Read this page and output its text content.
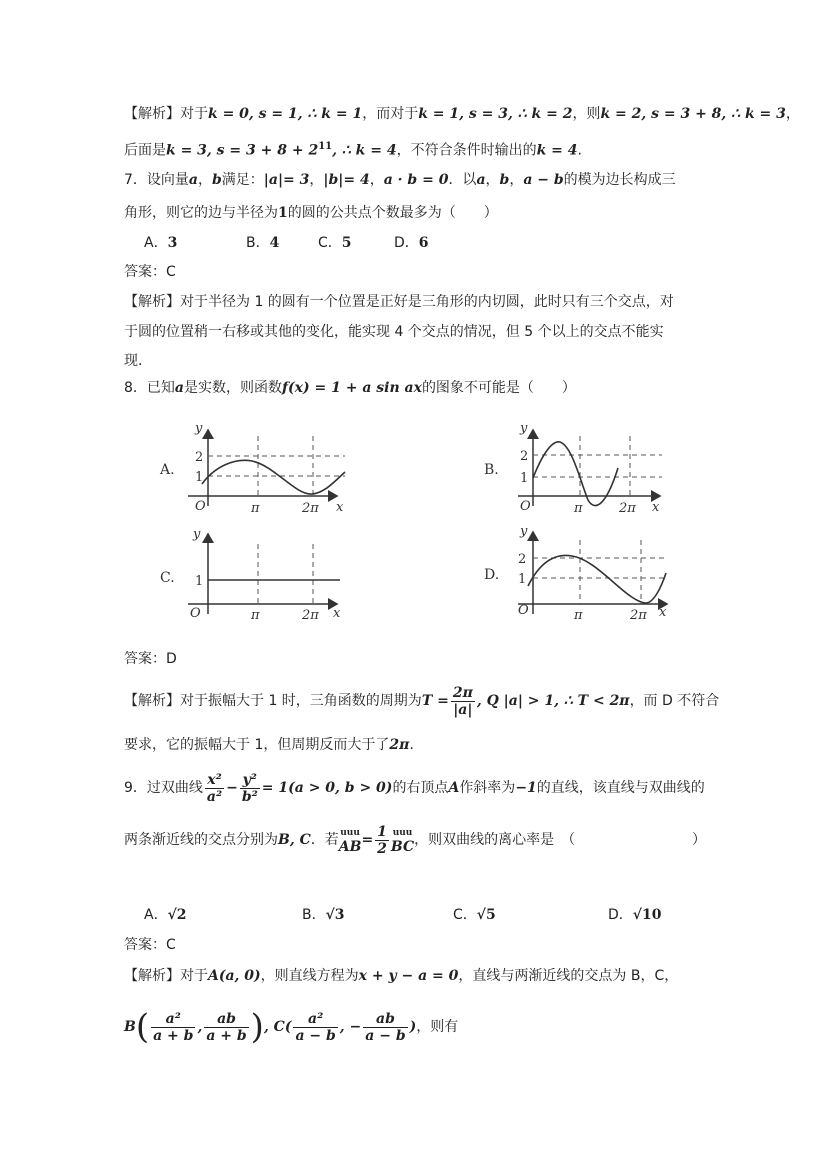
【解析】对于k = 0, s = 1, ∴ k = 1，而对于k = 1, s = 3, ∴ k = 2，则k = 2, s = 3 + 8, ∴ k = 3，
后面是k = 3, $s = 3 + 8 + 2^{11}$, ∴ k = 4，不符合条件时输出的k = 4.
7．设向量a，b满足：|a|= 3，|b|= 4，a · b = 0．以a，b，a − b的模为边长构成三
角形，则它的边与半径为1的圆的公共点个数最多为（　　）
A．3	B．4	C．5	D．6
答案：C
【解析】对于半径为 1 的圆有一个位置是正好是三角形的内切圆，此时只有三个交点，对
于圆的位置稍一右移或其他的变化，能实现 4 个交点的情况，但 5 个以上的交点不能实
现．
8．已知a是实数，则函数f(x) = 1 + a sin ax的图象不可能是（　　）
y
2
1
O	π	2π x
A.
y
2
1
O	π	2π x
B.
y
1
O	π	2π x
C.
y
2
1
O	π	2π x
D.
答案：D
【解析】对于振幅大于 1 时，三角函数的周期为$T = \frac{2\pi}{|a|}$ , Q |a| > 1, ∴ T < 2π，而 D 不符合
要求，它的振幅大于 1，但周期反而大于了2π.
9．过双曲线 $\frac{\text{x²}}{\text{a²}} - \frac{\text{y²}}{\text{b²}} = 1(a > 0$, b > 0)的右顶点A作斜率为−1的直线，该直线与双曲线的
两条渐近线的交点分别为B, C．若 uuu
AB = $\frac{1}{2}$ uuu
BC ，则双曲线的离心率是　（	）
A．√2	B．√3	C．√5	D．√10
答案：C
【解析】对于A(a, 0)，则直线方程为x + y − a = 0，直线与两渐近线的交点为 B，C，
$B( \frac{\text{a²}}{a + b}$ , $\frac{ab}{a + b}$ ), $C( \frac{\text{a²}}{a - b}$ , − $\frac{ab}{a - b}$ )，则有
